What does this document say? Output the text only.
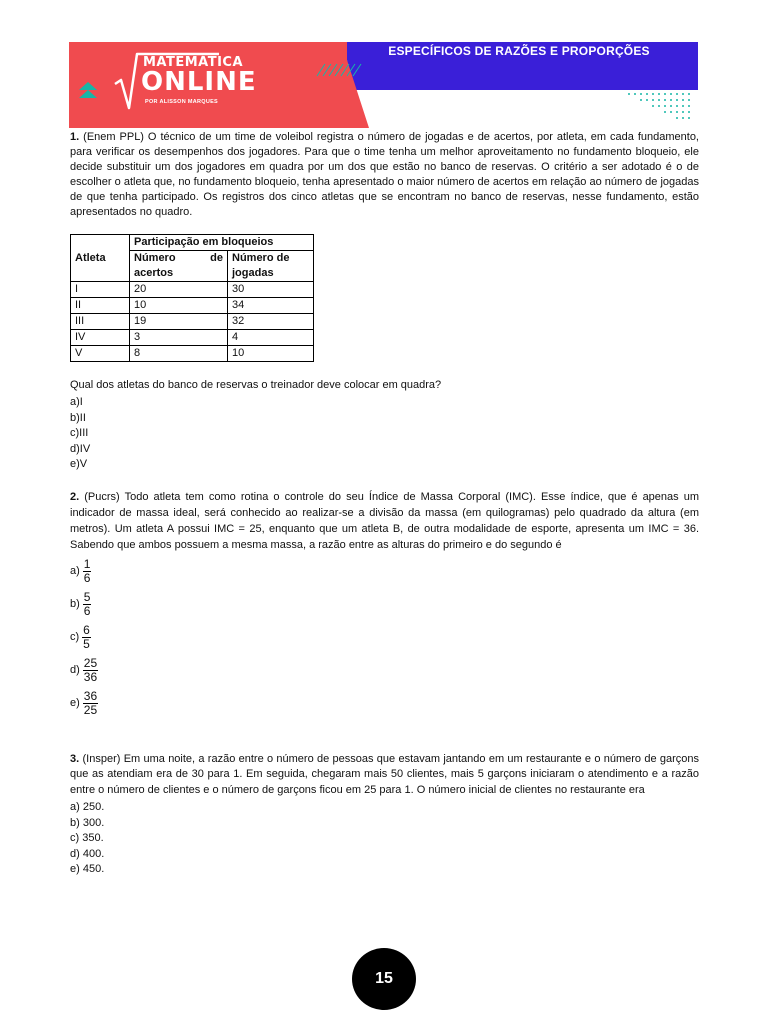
MATEMÁTICA
ONLINE
POR ALISSON MARQUES
ESPECÍFICOS DE RAZÕES E PROPORÇÕES
1. (Enem PPL) O técnico de um time de voleibol registra o número de jogadas e de acertos, por atleta, em cada fundamento, para verificar os desempenhos dos jogadores. Para que o time tenha um melhor aproveitamento no fundamento bloqueio, ele decide substituir um dos jogadores em quadra por um dos que estão no banco de reservas. O critério a ser adotado é o de escolher o atleta que, no fundamento bloqueio, tenha apresentado o maior número de acertos em relação ao número de jogadas de que tenha participado. Os registros dos cinco atletas que se encontram no banco de reservas, nesse fundamento, estão apresentados no quadro.
Atleta	Participação em bloqueios	
	Número de acertos	Número de jogadas
I	20	30
II	10	34
III	19	32
IV	3	4
V	8	10
Qual dos atletas do banco de reservas o treinador deve colocar em quadra?
a)I
b)II
c)III
d)IV
e)V
2. (Pucrs) Todo atleta tem como rotina o controle do seu Índice de Massa Corporal (IMC). Esse índice, que é apenas um indicador de massa ideal, será conhecido ao realizar-se a divisão da massa (em quilogramas) pelo quadrado da altura (em metros). Um atleta A possui IMC = 25, enquanto que um atleta B, de outra modalidade de esporte, apresenta um IMC = 36. Sabendo que ambos possuem a mesma massa, a razão entre as alturas do primeiro e do segundo é
$a) \frac{1}{6}$
$b) \frac{5}{6}$
$c) \frac{6}{5}$
$d) \frac{25}{36}$
$e) \frac{36}{25}$
3. (Insper) Em uma noite, a razão entre o número de pessoas que estavam jantando em um restaurante e o número de garçons que as atendiam era de 30 para 1. Em seguida, chegaram mais 50 clientes, mais 5 garçons iniciaram o atendimento e a razão entre o número de clientes e o número de garçons ficou em 25 para 1. O número inicial de clientes no restaurante era
a) 250.
b) 300.
c) 350.
d) 400.
e) 450.
15
